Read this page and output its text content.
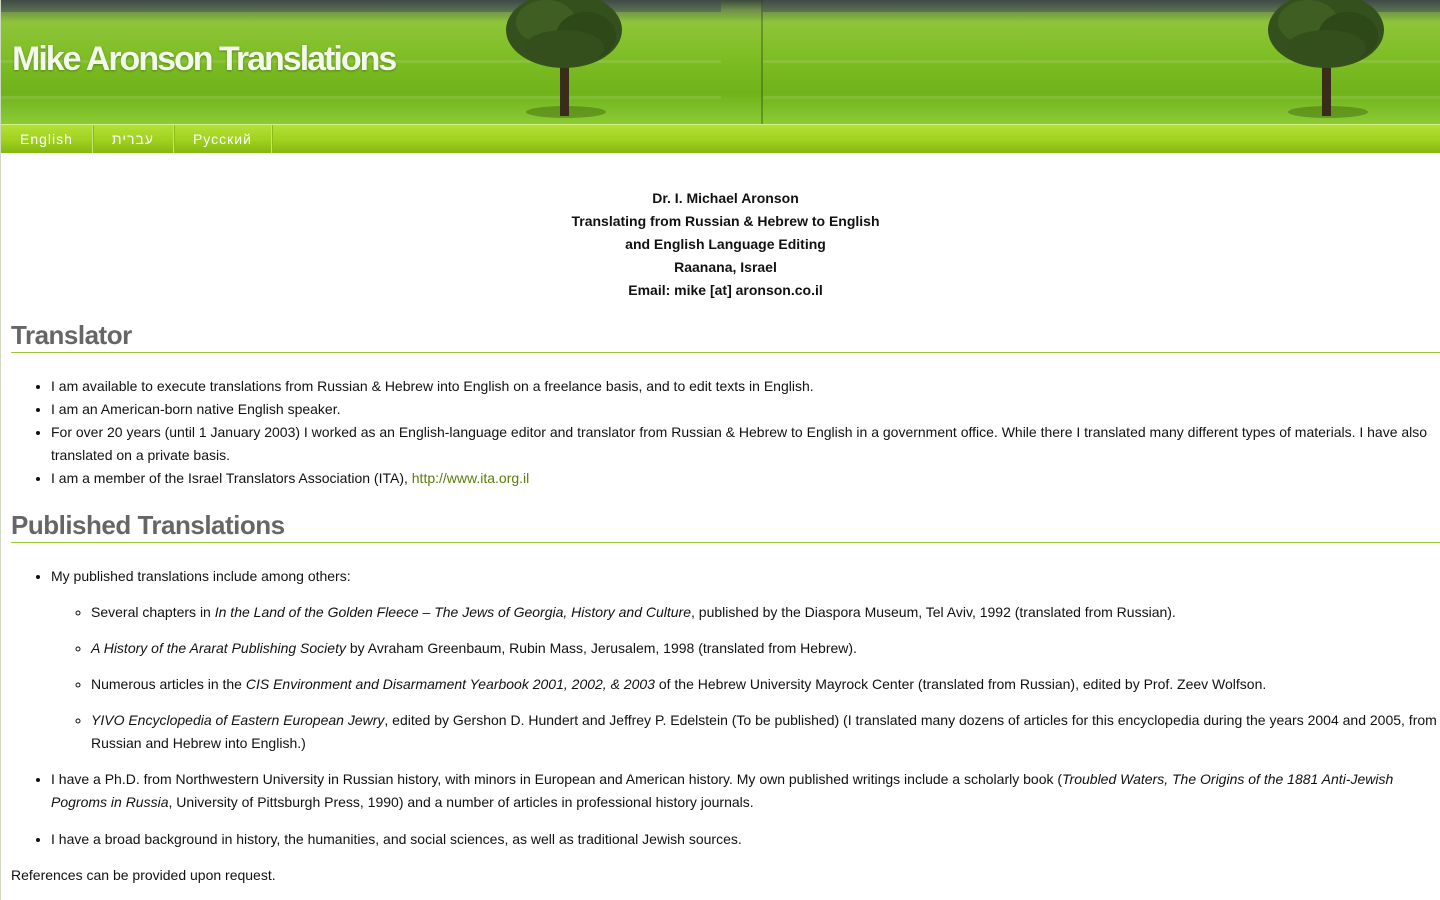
Mike Aronson Translations
English	עברית	Русский
Dr. I. Michael Aronson
Translating from Russian & Hebrew to English
and English Language Editing
Raanana, Israel
Email: mike [at] aronson.co.il
Translator
• I am available to execute translations from Russian & Hebrew into English on a freelance basis, and to edit texts in English.
• I am an American-born native English speaker.
• For over 20 years (until 1 January 2003) I worked as an English-language editor and translator from Russian & Hebrew to English in a government office. While there I translated many different types of materials. I have also translated on a private basis.
• I am a member of the Israel Translators Association (ITA), http://www.ita.org.il
Published Translations
• My published translations include among others:
◦ Several chapters in In the Land of the Golden Fleece – The Jews of Georgia, History and Culture, published by the Diaspora Museum, Tel Aviv, 1992 (translated from Russian).
◦ A History of the Ararat Publishing Society by Avraham Greenbaum, Rubin Mass, Jerusalem, 1998 (translated from Hebrew).
◦ Numerous articles in the CIS Environment and Disarmament Yearbook 2001, 2002, & 2003 of the Hebrew University Mayrock Center (translated from Russian), edited by Prof. Zeev Wolfson.
◦ YIVO Encyclopedia of Eastern European Jewry, edited by Gershon D. Hundert and Jeffrey P. Edelstein (To be published) (I translated many dozens of articles for this encyclopedia during the years 2004 and 2005, from Russian and Hebrew into English.)
• I have a Ph.D. from Northwestern University in Russian history, with minors in European and American history. My own published writings include a scholarly book (Troubled Waters, The Origins of the 1881 Anti-Jewish Pogroms in Russia, University of Pittsburgh Press, 1990) and a number of articles in professional history journals.
• I have a broad background in history, the humanities, and social sciences, as well as traditional Jewish sources.

References can be provided upon request.
